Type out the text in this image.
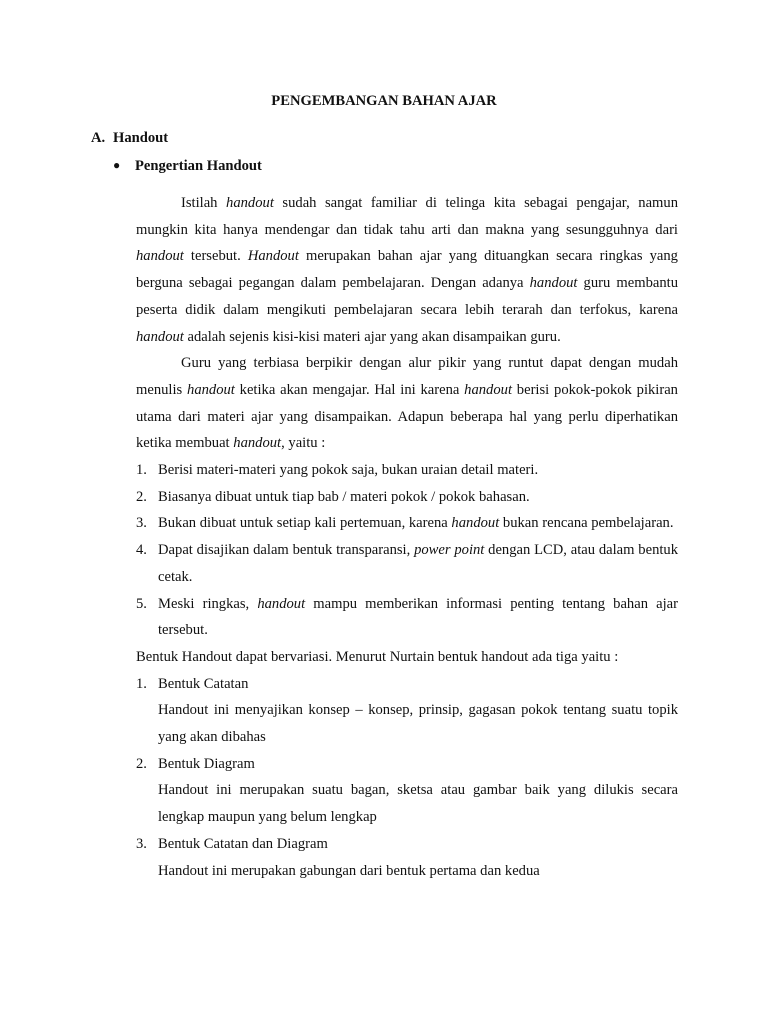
PENGEMBANGAN BAHAN AJAR
A. Handout
● Pengertian Handout

Istilah handout sudah sangat familiar di telinga kita sebagai pengajar, namun mungkin kita hanya mendengar dan tidak tahu arti dan makna yang sesungguhnya dari handout tersebut. Handout merupakan bahan ajar yang dituangkan secara ringkas yang berguna sebagai pegangan dalam pembelajaran. Dengan adanya handout guru membantu peserta didik dalam mengikuti pembelajaran secara lebih terarah dan terfokus, karena handout adalah sejenis kisi-kisi materi ajar yang akan disampaikan guru.

Guru yang terbiasa berpikir dengan alur pikir yang runtut dapat dengan mudah menulis handout ketika akan mengajar. Hal ini karena handout berisi pokok-pokok pikiran utama dari materi ajar yang disampaikan. Adapun beberapa hal yang perlu diperhatikan ketika membuat handout, yaitu :

1. Berisi materi-materi yang pokok saja, bukan uraian detail materi.
2. Biasanya dibuat untuk tiap bab / materi pokok / pokok bahasan.
3. Bukan dibuat untuk setiap kali pertemuan, karena handout bukan rencana pembelajaran.
4. Dapat disajikan dalam bentuk transparansi, power point dengan LCD, atau dalam bentuk cetak.
5. Meski ringkas, handout mampu memberikan informasi penting tentang bahan ajar tersebut.

Bentuk Handout dapat bervariasi. Menurut Nurtain bentuk handout ada tiga yaitu :

1. Bentuk Catatan
Handout ini menyajikan konsep – konsep, prinsip, gagasan pokok tentang suatu topik yang akan dibahas
2. Bentuk Diagram
Handout ini merupakan suatu bagan, sketsa atau gambar baik yang dilukis secara lengkap maupun yang belum lengkap
3. Bentuk Catatan dan Diagram
Handout ini merupakan gabungan dari bentuk pertama dan kedua
